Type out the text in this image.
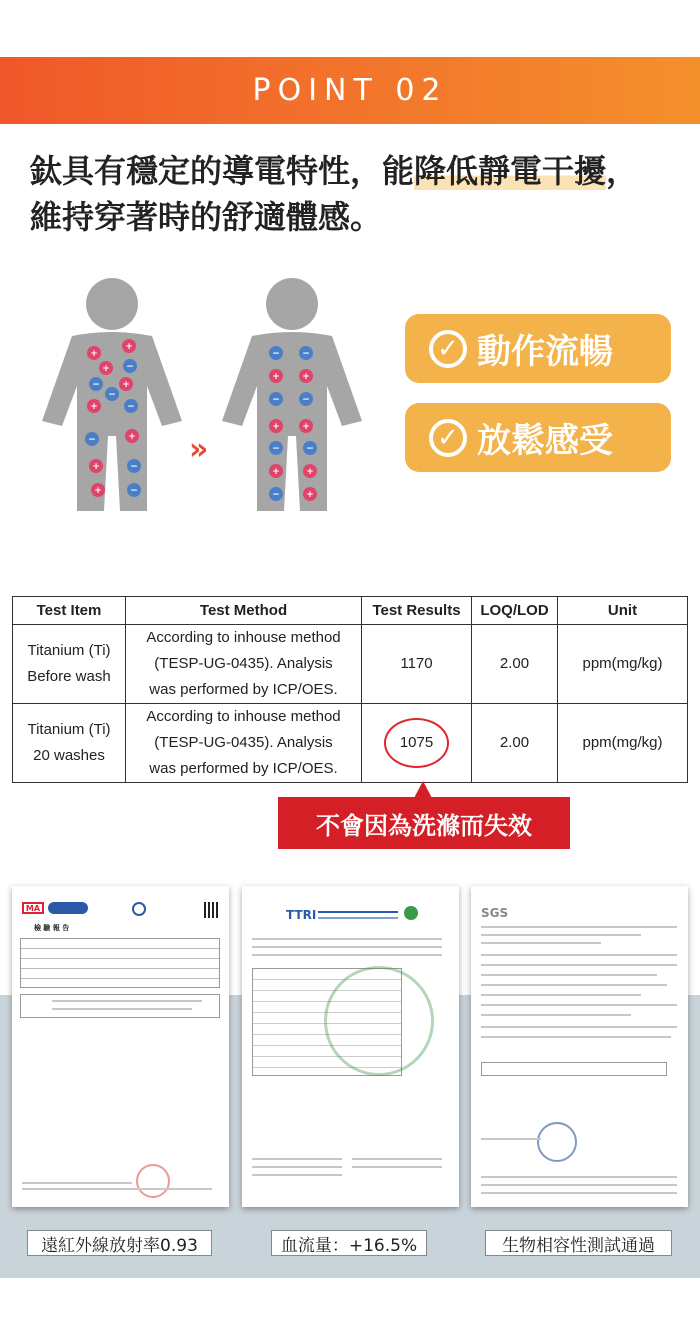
POINT 02
鈦具有穩定的導電特性，能降低靜電干擾，
維持穿著時的舒適體感。
+
+
+ −
− +
+	−
−
−	+
+	−
+	−
»
− −
+ +
− −
+ +
−	−
+	+
−	+
✓ 動作流暢
✓ 放鬆感受
Test Item	Test Method	Test Results	LOQ/LOD	Unit
Titanium (Ti)
Before wash	According to inhouse method
(TESP-UG-0435). Analysis
was performed by ICP/OES.	1170	2.00	ppm(mg/kg)
Titanium (Ti)
20 washes	According to inhouse method
(TESP-UG-0435). Analysis
was performed by ICP/OES.	1075	2.00	ppm(mg/kg)
不會因為洗滌而失效
MA
檢 驗 報 告
TTRI	SGS
遠紅外線放射率0.93	血流量：+16.5%	生物相容性測試通過
